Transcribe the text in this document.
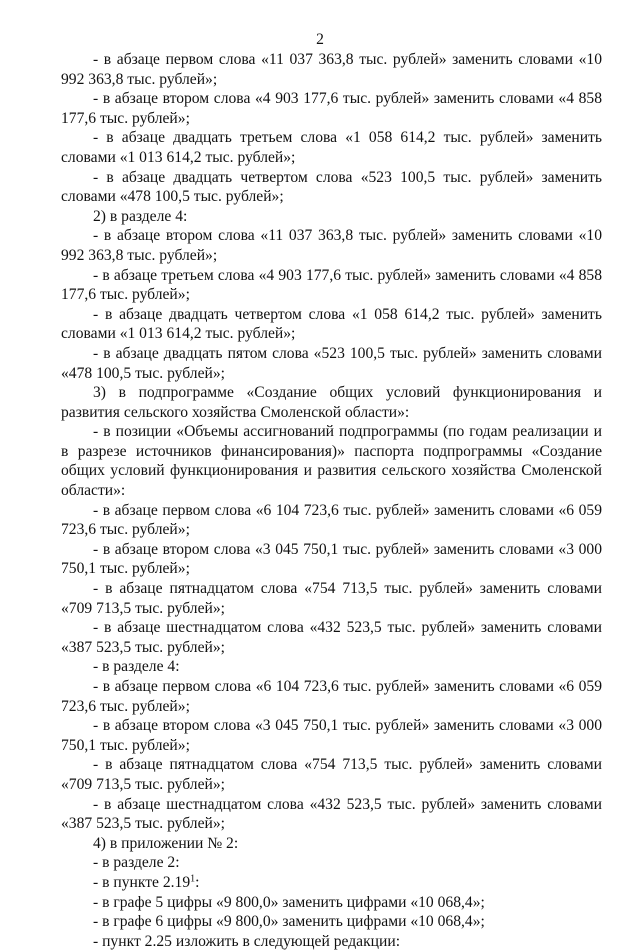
2

- в абзаце первом слова «11 037 363,8 тыс. рублей» заменить словами «10 992 363,8 тыс. рублей»;

- в абзаце втором слова «4 903 177,6 тыс. рублей» заменить словами «4 858 177,6 тыс. рублей»;

- в абзаце двадцать третьем слова «1 058 614,2 тыс. рублей» заменить словами «1 013 614,2 тыс. рублей»;

- в абзаце двадцать четвертом слова «523 100,5 тыс. рублей» заменить словами «478 100,5 тыс. рублей»;

2) в разделе 4:

- в абзаце втором слова «11 037 363,8 тыс. рублей» заменить словами «10 992 363,8 тыс. рублей»;

- в абзаце третьем слова «4 903 177,6 тыс. рублей» заменить словами «4 858 177,6 тыс. рублей»;

- в абзаце двадцать четвертом слова «1 058 614,2 тыс. рублей» заменить словами «1 013 614,2 тыс. рублей»;

- в абзаце двадцать пятом слова «523 100,5 тыс. рублей» заменить словами «478 100,5 тыс. рублей»;

3) в подпрограмме «Создание общих условий функционирования и развития сельского хозяйства Смоленской области»:

- в позиции «Объемы ассигнований подпрограммы (по годам реализации и в разрезе источников финансирования)» паспорта подпрограммы «Создание общих условий функционирования и развития сельского хозяйства Смоленской области»:

- в абзаце первом слова «6 104 723,6 тыс. рублей» заменить словами «6 059 723,6 тыс. рублей»;

- в абзаце втором слова «3 045 750,1 тыс. рублей» заменить словами «3 000 750,1 тыс. рублей»;

- в абзаце пятнадцатом слова «754 713,5 тыс. рублей» заменить словами «709 713,5 тыс. рублей»;

- в абзаце шестнадцатом слова «432 523,5 тыс. рублей» заменить словами «387 523,5 тыс. рублей»;

- в разделе 4:

- в абзаце первом слова «6 104 723,6 тыс. рублей» заменить словами «6 059 723,6 тыс. рублей»;

- в абзаце втором слова «3 045 750,1 тыс. рублей» заменить словами «3 000 750,1 тыс. рублей»;

- в абзаце пятнадцатом слова «754 713,5 тыс. рублей» заменить словами «709 713,5 тыс. рублей»;

- в абзаце шестнадцатом слова «432 523,5 тыс. рублей» заменить словами «387 523,5 тыс. рублей»;

4) в приложении № 2:

- в разделе 2:

- в пункте 2.19$^1$:

- в графе 5 цифры «9 800,0» заменить цифрами «10 068,4»;

- в графе 6 цифры «9 800,0» заменить цифрами «10 068,4»;

- пункт 2.25 изложить в следующей редакции:
